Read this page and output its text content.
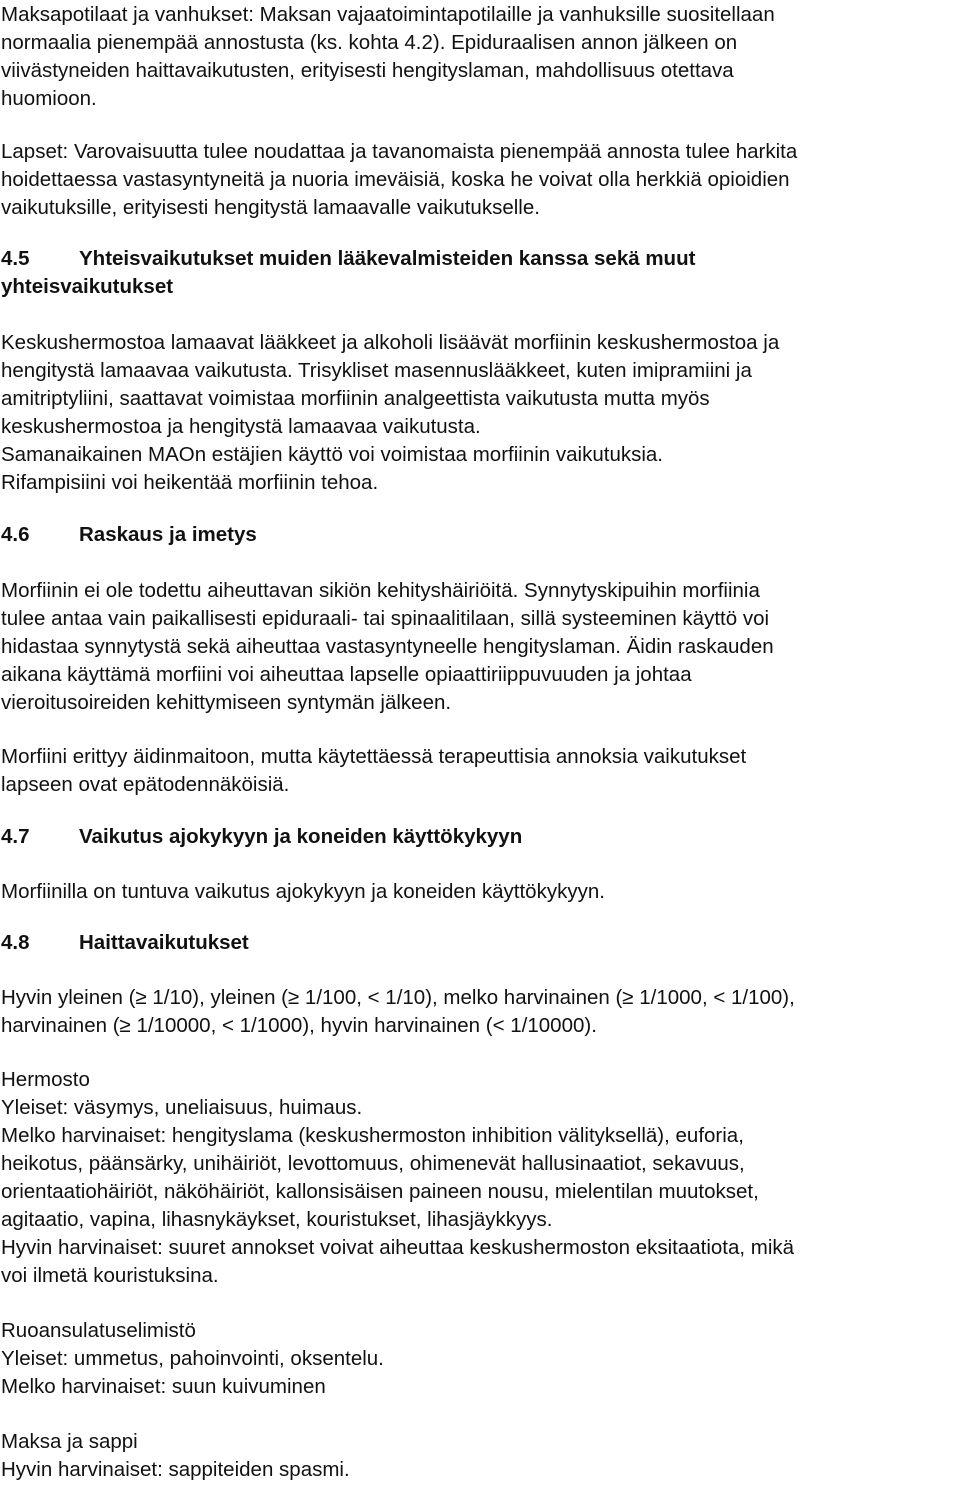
Maksapotilaat ja vanhukset: Maksan vajaatoimintapotilaille ja vanhuksille suositellaan
normaalia pienempää annostusta (ks. kohta 4.2). Epiduraalisen annon jälkeen on
viivästyneiden haittavaikutusten, erityisesti hengityslaman, mahdollisuus otettava
huomioon.
Lapset: Varovaisuutta tulee noudattaa ja tavanomaista pienempää annosta tulee harkita
hoidettaessa vastasyntyneitä ja nuoria imeväisiä, koska he voivat olla herkkiä opioidien
vaikutuksille, erityisesti hengitystä lamaavalle vaikutukselle.
4.5 Yhteisvaikutukset muiden lääkevalmisteiden kanssa sekä muut
yhteisvaikutukset
Keskushermostoa lamaavat lääkkeet ja alkoholi lisäävät morfiinin keskushermostoa ja
hengitystä lamaavaa vaikutusta. Trisykliset masennuslääkkeet, kuten imipramiini ja
amitriptyliini, saattavat voimistaa morfiinin analgeettista vaikutusta mutta myös
keskushermostoa ja hengitystä lamaavaa vaikutusta.
Samanaikainen MAOn estäjien käyttö voi voimistaa morfiinin vaikutuksia.
Rifampisiini voi heikentää morfiinin tehoa.
4.6 Raskaus ja imetys
Morfiinin ei ole todettu aiheuttavan sikiön kehityshäiriöitä. Synnytyskipuihin morfiinia
tulee antaa vain paikallisesti epiduraali- tai spinaalitilaan, sillä systeeminen käyttö voi
hidastaa synnytystä sekä aiheuttaa vastasyntyneelle hengityslaman. Äidin raskauden
aikana käyttämä morfiini voi aiheuttaa lapselle opiaattiriippuvuuden ja johtaa
vieroitusoireiden kehittymiseen syntymän jälkeen.
Morfiini erittyy äidinmaitoon, mutta käytettäessä terapeuttisia annoksia vaikutukset
lapseen ovat epätodennäköisiä.
4.7 Vaikutus ajokykyyn ja koneiden käyttökykyyn
Morfiinilla on tuntuva vaikutus ajokykyyn ja koneiden käyttökykyyn.
4.8 Haittavaikutukset
Hyvin yleinen (≥ 1/10), yleinen (≥ 1/100, < 1/10), melko harvinainen (≥ 1/1000, < 1/100),
harvinainen (≥ 1/10000, < 1/1000), hyvin harvinainen (< 1/10000).
Hermosto
Yleiset: väsymys, uneliaisuus, huimaus.
Melko harvinaiset: hengityslama (keskushermoston inhibition välityksellä), euforia,
heikotus, päänsärky, unihäiriöt, levottomuus, ohimenevät hallusinaatiot, sekavuus,
orientaatiohäiriöt, näköhäiriöt, kallonsisäisen paineen nousu, mielentilan muutokset,
agitaatio, vapina, lihasnykäykset, kouristukset, lihasjäykkyys.
Hyvin harvinaiset: suuret annokset voivat aiheuttaa keskushermoston eksitaatiota, mikä
voi ilmetä kouristuksina.
Ruoansulatuselimistö
Yleiset: ummetus, pahoinvointi, oksentelu.
Melko harvinaiset: suun kuivuminen
Maksa ja sappi
Hyvin harvinaiset: sappiteiden spasmi.
